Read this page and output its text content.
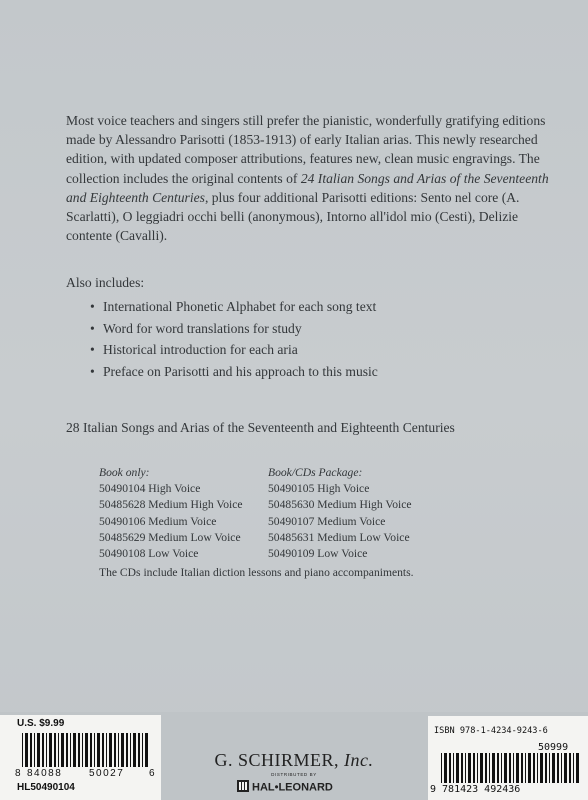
Most voice teachers and singers still prefer the pianistic, wonderfully gratifying editions made by Alessandro Parisotti (1853-1913) of early Italian arias. This newly researched edition, with updated composer attributions, features new, clean music engravings. The collection includes the original contents of 24 Italian Songs and Arias of the Seventeenth and Eighteenth Centuries, plus four additional Parisotti editions: Sento nel core (A. Scarlatti), O leggiadri occhi belli (anonymous), Intorno all'idol mio (Cesti), Delizie contente (Cavalli).

Also includes:
• International Phonetic Alphabet for each song text
• Word for word translations for study
• Historical introduction for each aria
• Preface on Parisotti and his approach to this music
28 Italian Songs and Arias of the Seventeenth and Eighteenth Centuries
Book only:
50490104 High Voice
50485628 Medium High Voice
50490106 Medium Voice
50485629 Medium Low Voice
50490108 Low Voice
Book/CDs Package:
50490105 High Voice
50485630 Medium High Voice
50490107 Medium Voice
50485631 Medium Low Voice
50490109 Low Voice
The CDs include Italian diction lessons and piano accompaniments.
U.S. $9.99
8 84088	50027	6
HL50490104
G. SCHIRMER, Inc.
DISTRIBUTED BY
HAL•LEONARD
ISBN 978-1-4234-9243-6
50999
9 781423 492436
